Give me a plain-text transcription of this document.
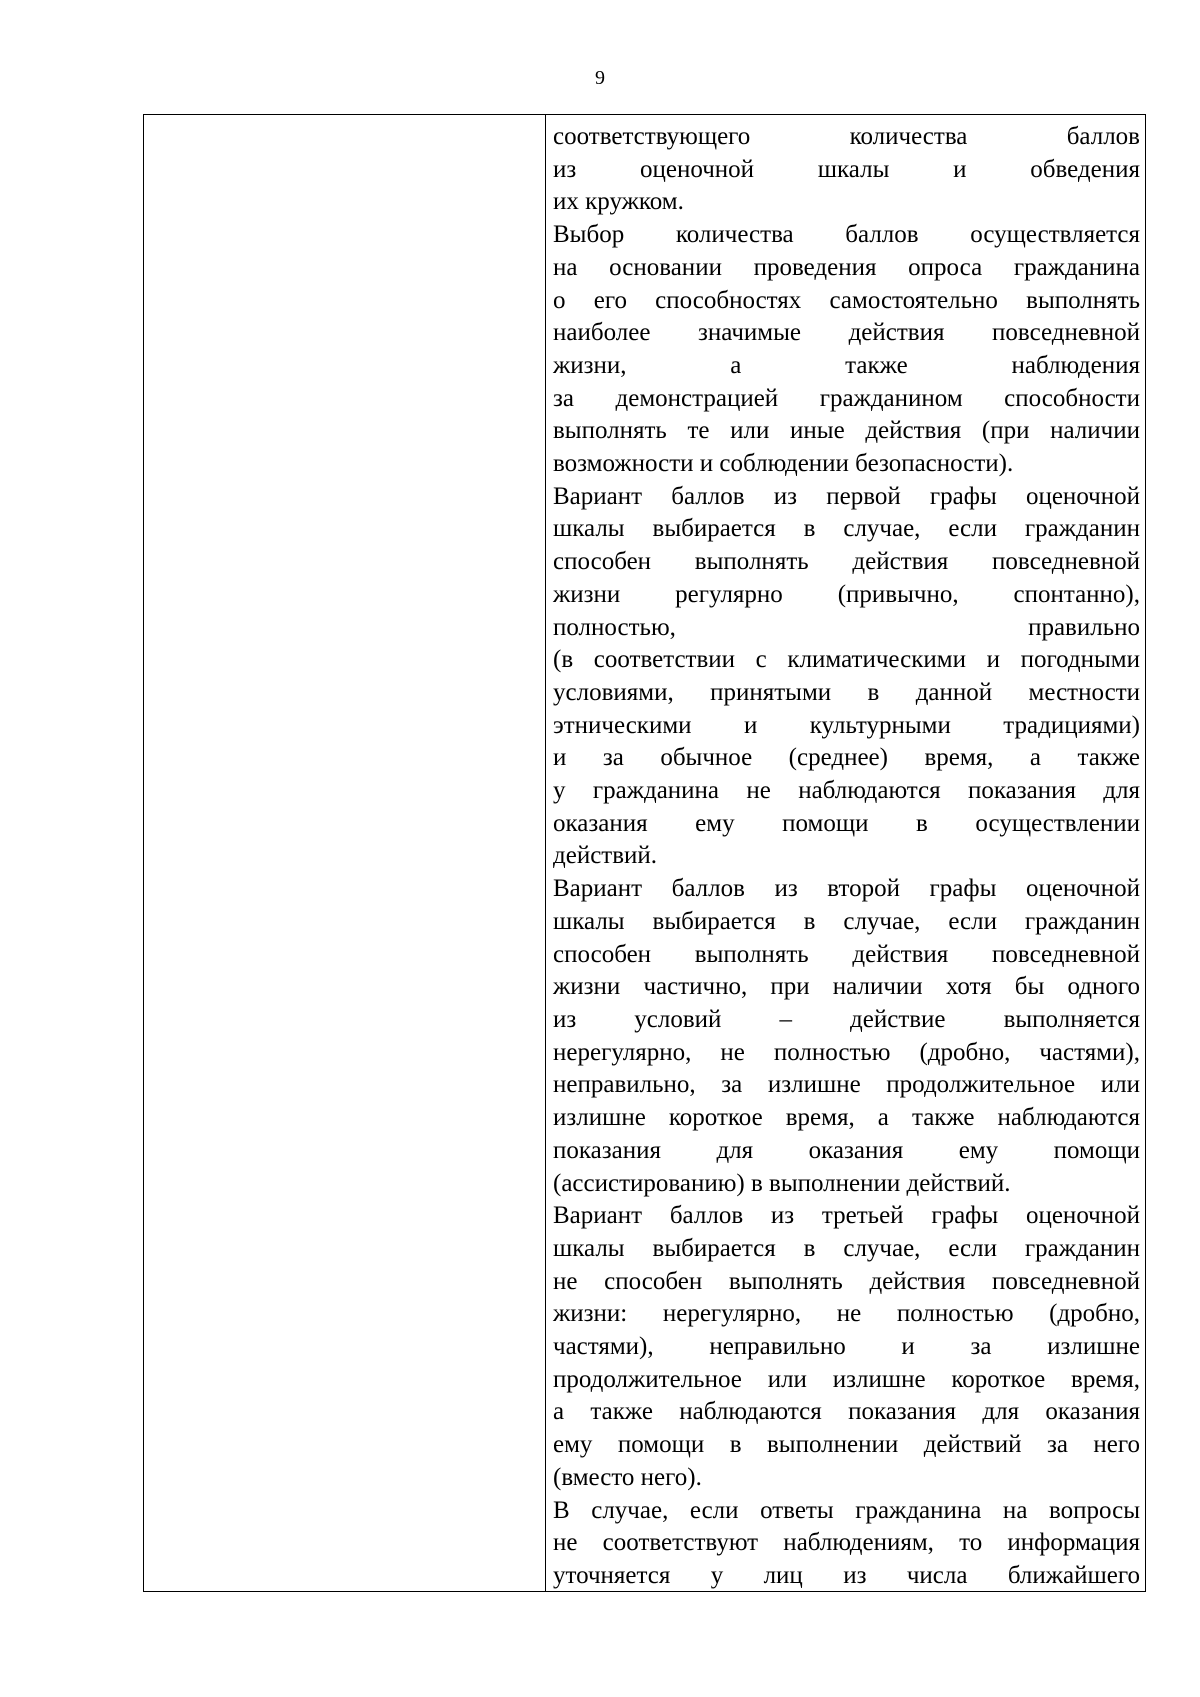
9

соответствующего количества баллов
из оценочной шкалы и обведения
их кружком.
Выбор количества баллов осуществляется
на основании проведения опроса гражданина
о его способностях самостоятельно выполнять
наиболее значимые действия повседневной
жизни, а также наблюдения
за демонстрацией гражданином способности
выполнять те или иные действия (при наличии
возможности и соблюдении безопасности).
Вариант баллов из первой графы оценочной
шкалы выбирается в случае, если гражданин
способен выполнять действия повседневной
жизни регулярно (привычно, спонтанно),
полностью, правильно
(в соответствии с климатическими и погодными
условиями, принятыми в данной местности
этническими и культурными традициями)
и за обычное (среднее) время, а также
у гражданина не наблюдаются показания для
оказания ему помощи в осуществлении
действий.
Вариант баллов из второй графы оценочной
шкалы выбирается в случае, если гражданин
способен выполнять действия повседневной
жизни частично, при наличии хотя бы одного
из условий – действие выполняется
нерегулярно, не полностью (дробно, частями),
неправильно, за излишне продолжительное или
излишне короткое время, а также наблюдаются
показания для оказания ему помощи
(ассистированию) в выполнении действий.
Вариант баллов из третьей графы оценочной
шкалы выбирается в случае, если гражданин
не способен выполнять действия повседневной
жизни: нерегулярно, не полностью (дробно,
частями), неправильно и за излишне
продолжительное или излишне короткое время,
а также наблюдаются показания для оказания
ему помощи в выполнении действий за него
(вместо него).
В случае, если ответы гражданина на вопросы
не соответствуют наблюдениям, то информация
уточняется у лиц из числа ближайшего
